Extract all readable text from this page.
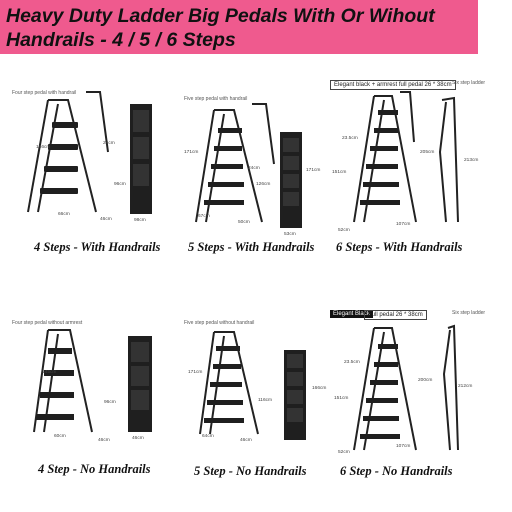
Heavy Duty Ladder Big Pedals With Or Wihout Handrails - 4 / 5 / 6 Steps
Four step pedal with handrail
146cm
24cm
96cm
66cm
46cm	98cm
4 Steps - With Handrails
Five step pedal with handrail
171cm
24cm
126cm
67cm
50cm
171cm
53cm
5 Steps - With Handrails
Elegant black + armrest full pedal 26 * 38cm Six step ladder
23.5cm
205cm
151cm
52cm
107cm
213cm
6 Steps - With Handrails
Four step pedal without armrest
145cm
96cm
60cm
46cm	46cm
4 Step - No Handrails
Five step pedal without handrail
171cm
116cm
64cm
46cm
166cm
5 Step - No Handrails
Elegant Black
Full pedal 26 * 38cm	Six step ladder
23.5cm
200cm
151cm
52cm
107cm
212cm
6 Step - No Handrails
